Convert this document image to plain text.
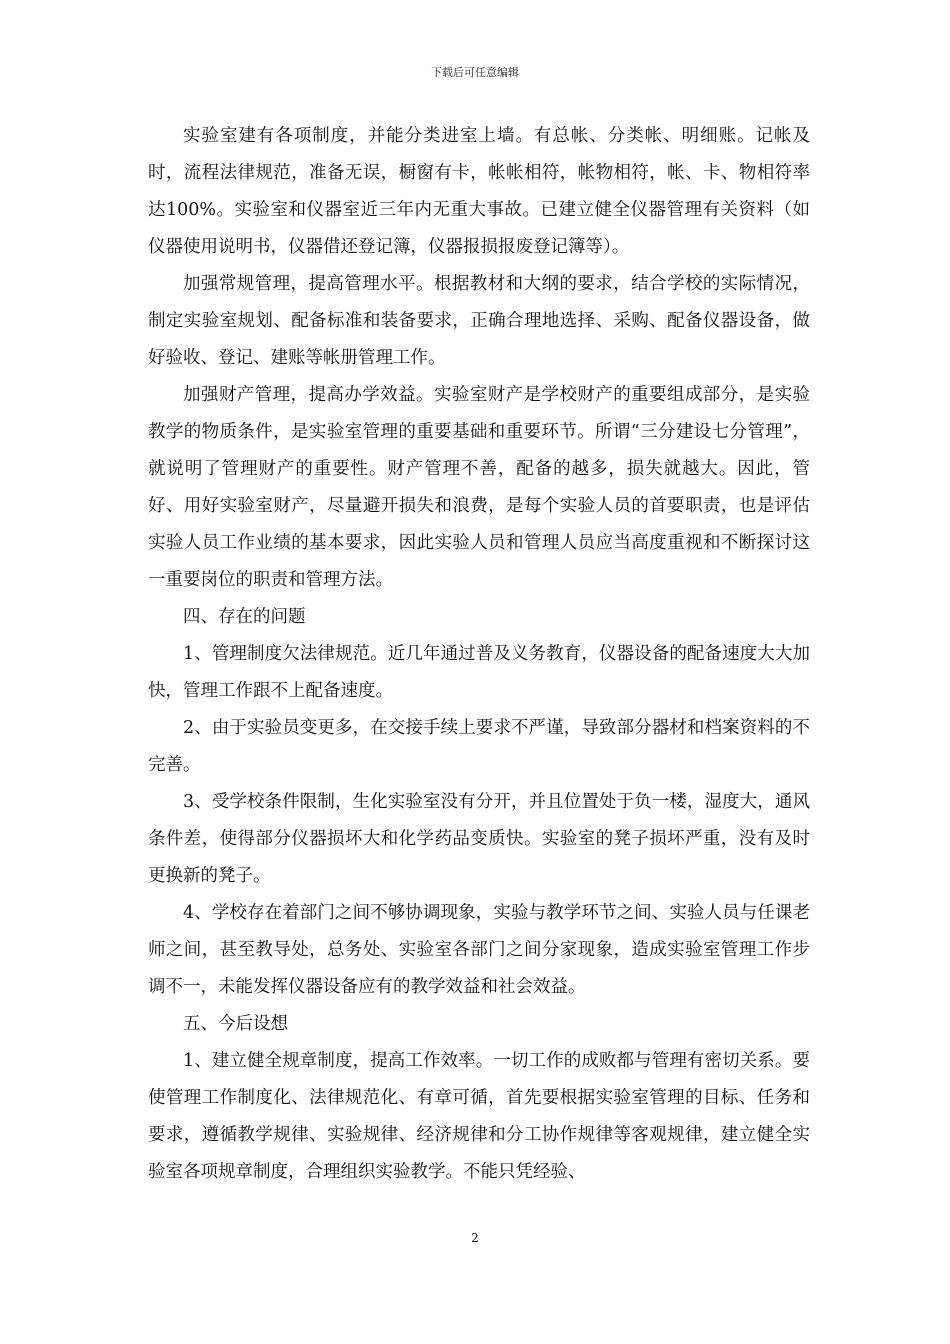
下载后可任意编辑

实验室建有各项制度，并能分类进室上墙。有总帐、分类帐、明细账。记帐及时，流程法律规范，准备无误，橱窗有卡，帐帐相符，帐物相符，帐、卡、物相符率达100%。实验室和仪器室近三年内无重大事故。已建立健全仪器管理有关资料（如仪器使用说明书，仪器借还登记簿，仪器报损报废登记簿等）。

加强常规管理，提高管理水平。根据教材和大纲的要求，结合学校的实际情况，制定实验室规划、配备标准和装备要求，正确合理地选择、采购、配备仪器设备，做好验收、登记、建账等帐册管理工作。

加强财产管理，提高办学效益。实验室财产是学校财产的重要组成部分，是实验教学的物质条件，是实验室管理的重要基础和重要环节。所谓“三分建设七分管理”，就说明了管理财产的重要性。财产管理不善，配备的越多，损失就越大。因此，管好、用好实验室财产，尽量避开损失和浪费，是每个实验人员的首要职责，也是评估实验人员工作业绩的基本要求，因此实验人员和管理人员应当高度重视和不断探讨这一重要岗位的职责和管理方法。

四、存在的问题

1、管理制度欠法律规范。近几年通过普及义务教育，仪器设备的配备速度大大加快，管理工作跟不上配备速度。

2、由于实验员变更多，在交接手续上要求不严谨，导致部分器材和档案资料的不完善。

3、受学校条件限制，生化实验室没有分开，并且位置处于负一楼，湿度大，通风条件差，使得部分仪器损坏大和化学药品变质快。实验室的凳子损坏严重，没有及时更换新的凳子。

4、学校存在着部门之间不够协调现象，实验与教学环节之间、实验人员与任课老师之间，甚至教导处，总务处、实验室各部门之间分家现象，造成实验室管理工作步调不一，未能发挥仪器设备应有的教学效益和社会效益。

五、今后设想

1、建立健全规章制度，提高工作效率。一切工作的成败都与管理有密切关系。要使管理工作制度化、法律规范化、有章可循，首先要根据实验室管理的目标、任务和要求，遵循教学规律、实验规律、经济规律和分工协作规律等客观规律，建立健全实验室各项规章制度，合理组织实验教学。不能只凭经验、

2
